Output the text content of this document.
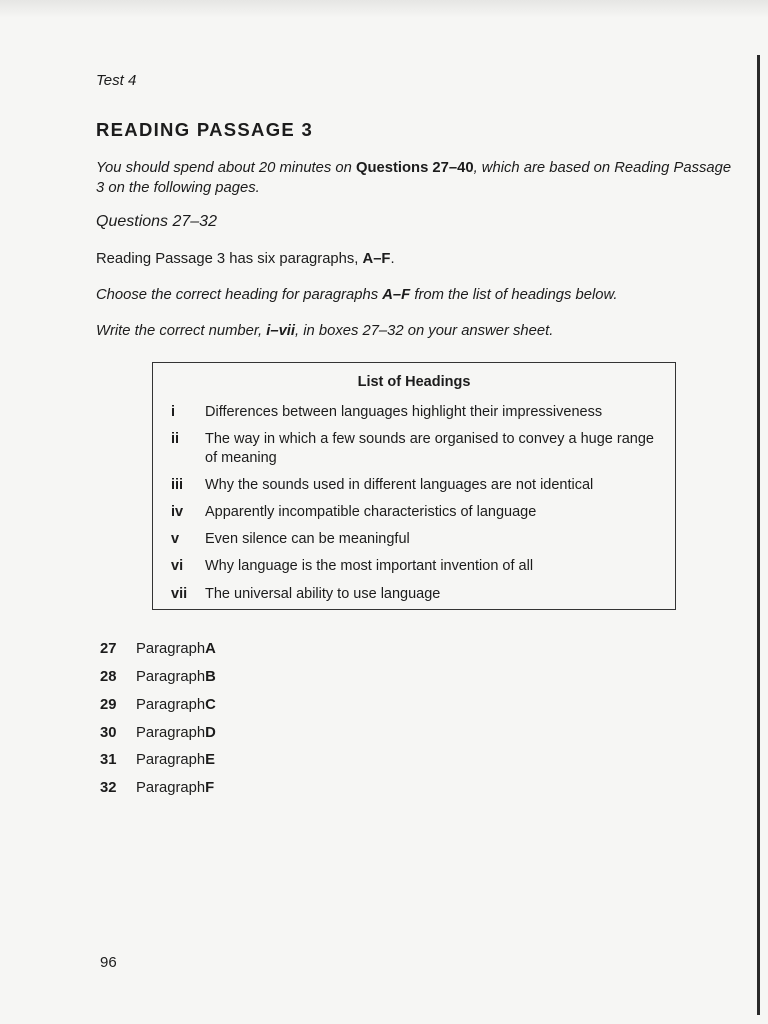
Test 4
READING PASSAGE 3
You should spend about 20 minutes on Questions 27–40, which are based on Reading Passage 3 on the following pages.
Questions 27–32
Reading Passage 3 has six paragraphs, A–F.
Choose the correct heading for paragraphs A–F from the list of headings below.
Write the correct number, i–vii, in boxes 27–32 on your answer sheet.
List of Headings
i Differences between languages highlight their impressiveness
ii The way in which a few sounds are organised to convey a huge range of meaning
iii Why the sounds used in different languages are not identical
iv Apparently incompatible characteristics of language
v Even silence can be meaningful
vi Why language is the most important invention of all
vii The universal ability to use language
27 ParagraphA
28 ParagraphB
29 ParagraphC
30 ParagraphD
31 ParagraphE
32 ParagraphF
96
